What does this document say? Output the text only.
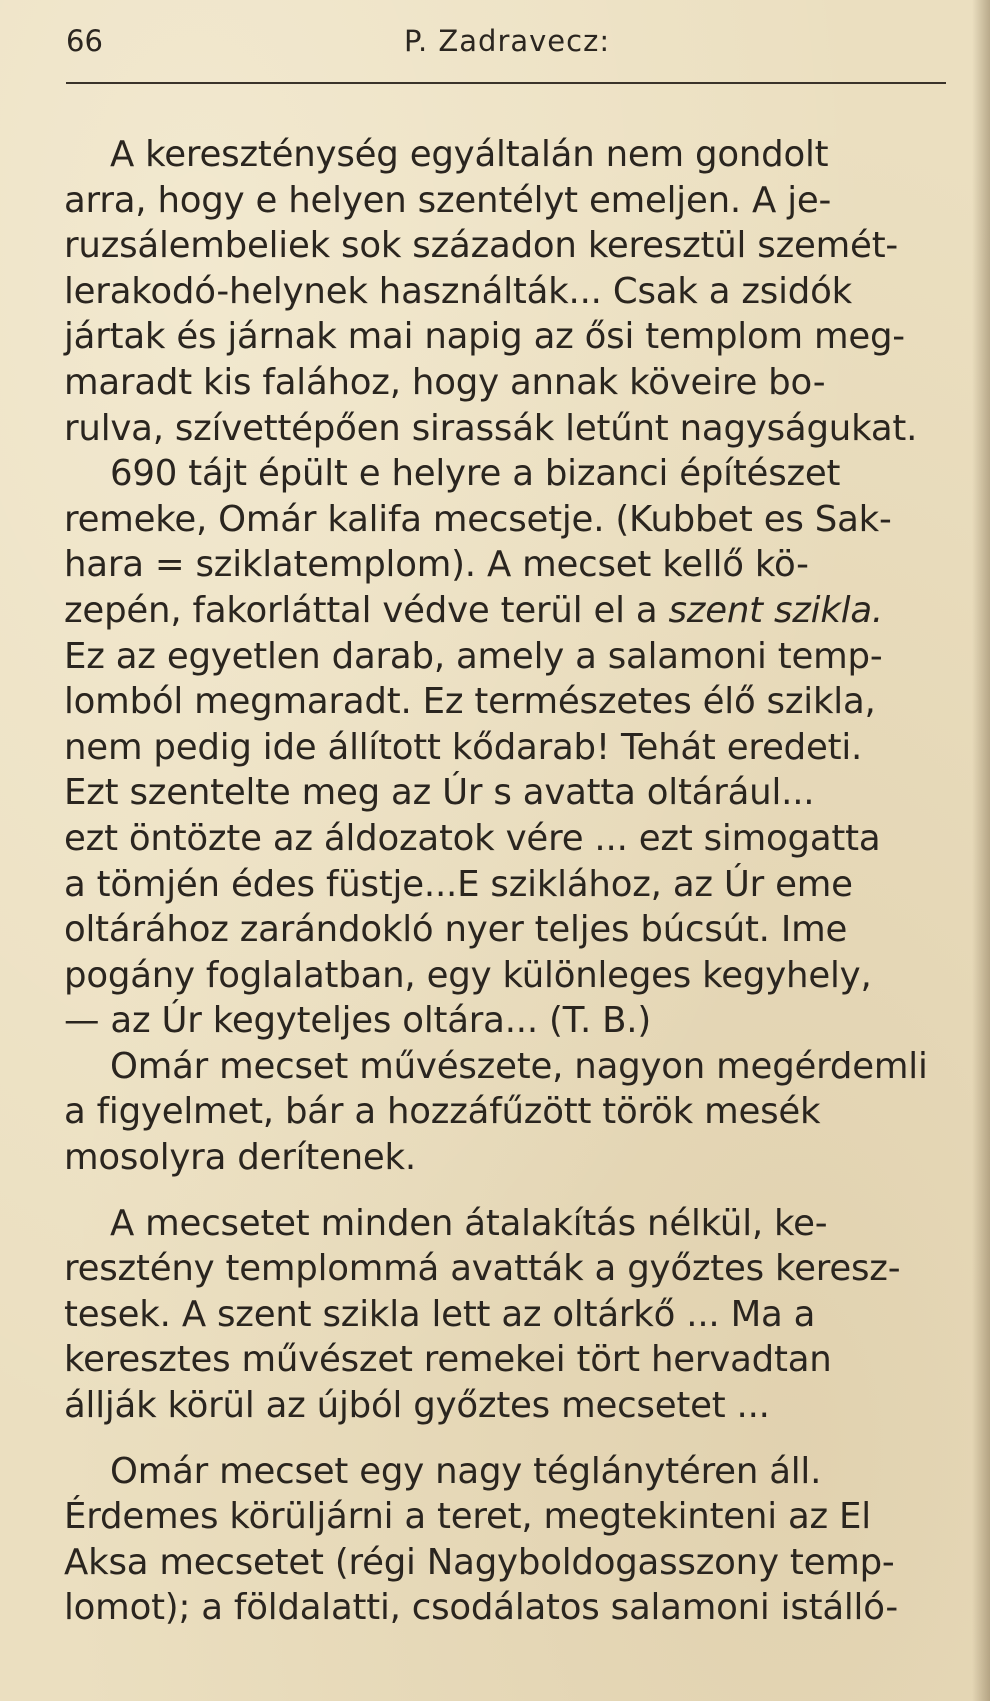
66	P. Zadravecz:
A kereszténység egyáltalán nem gondolt
arra, hogy e helyen szentélyt emeljen. A je-
ruzsálembeliek sok századon keresztül szemét-
lerakodó-helynek használták... Csak a zsidók
jártak és járnak mai napig az ősi templom meg-
maradt kis falához, hogy annak köveire bo-
rulva, szívettépően sirassák letűnt nagyságukat.
690 tájt épült e helyre a bizanci építészet
remeke, Omár kalifa mecsetje. (Kubbet es Sak-
hara = sziklatemplom). A mecset kellő kö-
zepén, fakorláttal védve terül el a szent szikla.
Ez az egyetlen darab, amely a salamoni temp-
lomból megmaradt. Ez természetes élő szikla,
nem pedig ide állított kődarab! Tehát eredeti.
Ezt szentelte meg az Úr s avatta oltárául...
ezt öntözte az áldozatok vére ... ezt simogatta
a tömjén édes füstje...E sziklához, az Úr eme
oltárához zarándokló nyer teljes búcsút. Ime
pogány foglalatban, egy különleges kegyhely,
— az Úr kegyteljes oltára... (T. B.)
Omár mecset művészete, nagyon megérdemli
a figyelmet, bár a hozzáfűzött török mesék
mosolyra derítenek.
A mecsetet minden átalakítás nélkül, ke-
resztény templommá avatták a győztes keresz-
tesek. A szent szikla lett az oltárkő ... Ma a
keresztes művészet remekei tört hervadtan
állják körül az újból győztes mecsetet ...
Omár mecset egy nagy téglánytéren áll.
Érdemes körüljárni a teret, megtekinteni az El
Aksa mecsetet (régi Nagyboldogasszony temp-
lomot); a földalatti, csodálatos salamoni istálló-
